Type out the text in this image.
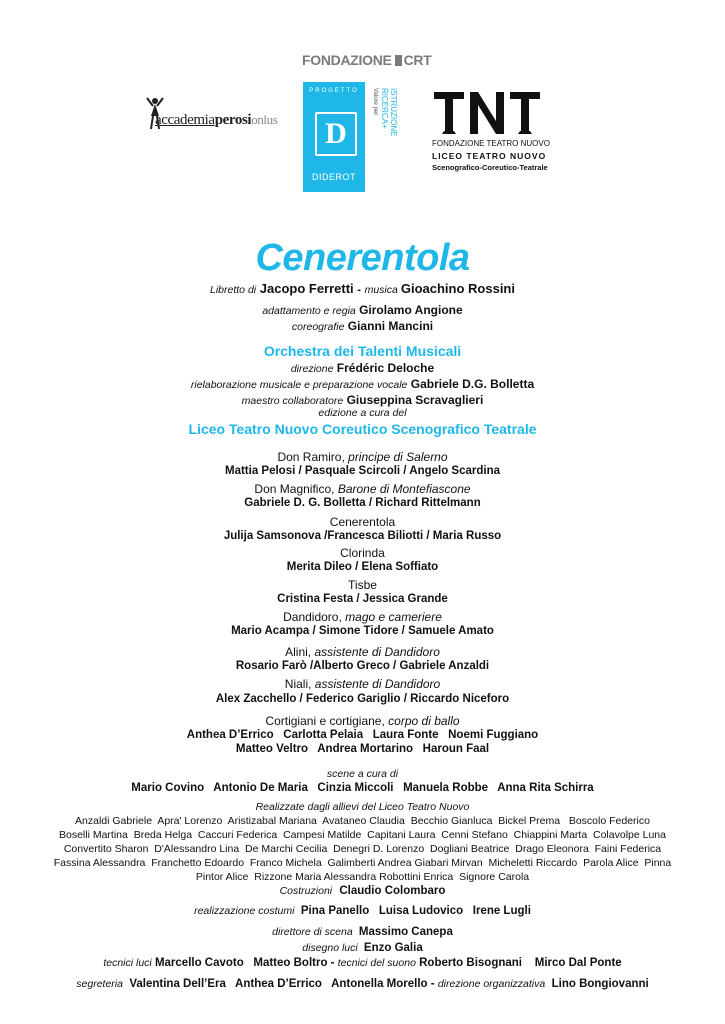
FONDAZIONE CRT
accademiaperosionlus
PROGETTO
D
DIDEROT
Valore per RICERCA+ ISTRUZIONE
FONDAZIONE TEATRO NUOVO
LICEO TEATRO NUOVO
Scenografico-Coreutico-Teatrale
Cenerentola
Libretto di Jacopo Ferretti - musica Gioachino Rossini
adattamento e regia Girolamo Angione
coreografie Gianni Mancini
Orchestra dei Talenti Musicali
direzione Frédéric Deloche
rielaborazione musicale e preparazione vocale Gabriele D.G. Bolletta
maestro collaboratore Giuseppina Scravaglieri
edizione a cura del
Liceo Teatro Nuovo Coreutico Scenografico Teatrale
Don Ramiro, principe di Salerno
Mattia Pelosi / Pasquale Scircoli / Angelo Scardina
Don Magnifico, Barone di Montefiascone
Gabriele D. G. Bolletta / Richard Rittelmann
Cenerentola
Julija Samsonova /Francesca Biliotti / Maria Russo
Clorinda
Merita Dileo / Elena Soffiato
Tisbe
Cristina Festa / Jessica Grande
Dandidoro, mago e cameriere
Mario Acampa / Simone Tidore / Samuele Amato
Alini, assistente di Dandidoro
Rosario Farò /Alberto Greco / Gabriele Anzaldi
Niali, assistente di Dandidoro
Alex Zacchello / Federico Gariglio / Riccardo Niceforo
Cortigiani e cortigiane, corpo di ballo
Anthea D’Errico   Carlotta Pelaia   Laura Fonte   Noemi Fuggiano
Matteo Veltro   Andrea Mortarino   Haroun Faal
scene a cura di
Mario Covino   Antonio De Maria   Cinzia Miccoli   Manuela Robbe   Anna Rita Schirra
Realizzate dagli allievi del Liceo Teatro Nuovo
Anzaldi Gabriele  Apra' Lorenzo  Aristizabal Mariana  Avataneo Claudia  Becchio Gianluca  Bickel Prema   Boscolo Federico
Boselli Martina  Breda Helga  Caccuri Federica  Campesi Matilde  Capitani Laura  Cenni Stefano  Chiappini Marta  Colavolpe Luna
Convertito Sharon  D'Alessandro Lina  De Marchi Cecilia  Denegri D. Lorenzo  Dogliani Beatrice  Drago Eleonora  Faini Federica
Fassina Alessandra  Franchetto Edoardo  Franco Michela  Galimberti Andrea Giabari Mirvan  Micheletti Riccardo  Parola Alice  Pinna
Pintor Alice  Rizzone Maria Alessandra Robottini Enrica  Signore Carola
Costruzioni Claudio Colombaro
realizzazione costumi Pina Panello   Luisa Ludovico   Irene Lugli
direttore di scena Massimo Canepa
disegno luci Enzo Galia
tecnici luci Marcello Cavoto   Matteo Boltro - tecnici del suono Roberto Bisognani    Mirco Dal Ponte
segreteria Valentina Dell’Era   Anthea D’Errico   Antonella Morello - direzione organizzativa Lino Bongiovanni
